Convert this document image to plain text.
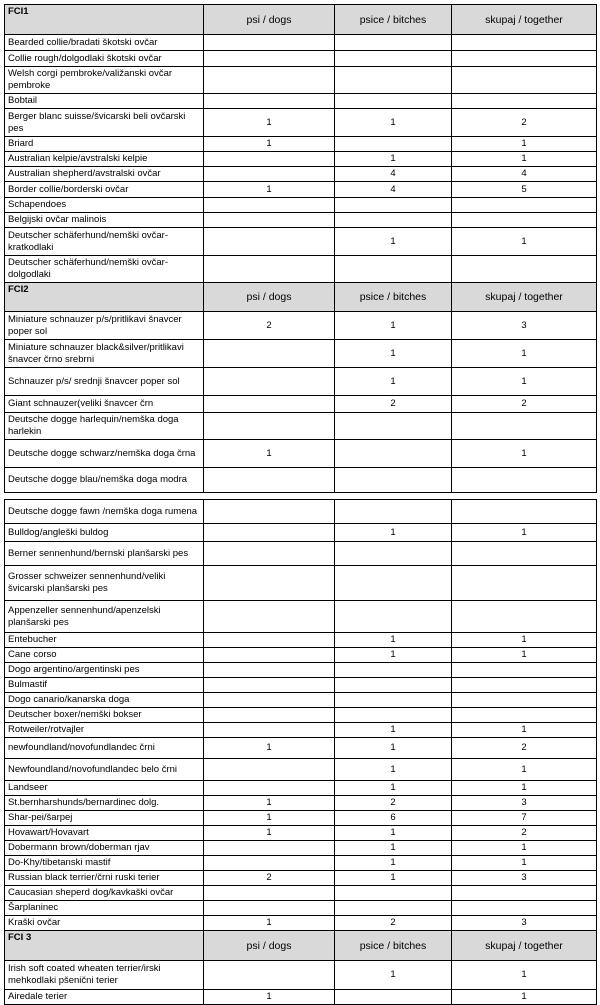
FCI1	psi / dogs	psice / bitches	skupaj / together
Bearded collie/bradati škotski ovčar			
Collie rough/dolgodlaki škotski ovčar			
Welsh corgi pembroke/valižanski ovčar pembroke			
Bobtail			
Berger blanc suisse/švicarski beli ovčarski pes	1	1	2
Briard	1		1
Australian kelpie/avstralski kelpie		1	1
Australian shepherd/avstralski ovčar		4	4
Border collie/borderski ovčar	1	4	5
Schapendoes			
Belgijski ovčar malinois			
Deutscher schäferhund/nemški ovčar-kratkodlaki		1	1
Deutscher schäferhund/nemški ovčar-dolgodlaki			
FCI2	psi / dogs	psice / bitches	skupaj / together
Miniature schnauzer p/s/pritlikavi šnavcer poper sol	2	1	3
Miniature schnauzer black&silver/pritlikavi šnavcer črno srebrni		1	1
Schnauzer p/s/ srednji šnavcer poper sol		1	1
Giant schnauzer(veliki šnavcer črn		2	2
Deutsche dogge harlequin/nemška doga harlekin			
Deutsche dogge schwarz/nemška doga črna	1		1
Deutsche dogge blau/nemška doga modra			
Deutsche dogge fawn /nemška doga rumena			
Bulldog/angleški buldog		1	1
Berner sennenhund/bernski planšarski pes			
Grosser schweizer sennenhund/veliki švicarski planšarski pes			
Appenzeller sennenhund/apenzelski planšarski pes			
Entebucher		1	1
Cane corso		1	1
Dogo argentino/argentinski pes			
Bulmastif			
Dogo canario/kanarska doga			
Deutscher boxer/nemški bokser			
Rotweiler/rotvajler		1	1
newfoundland/novofundlandec črni	1	1	2
Newfoundland/novofundlandec belo črni		1	1
Landseer		1	1
St.bernharshunds/bernardinec dolg.	1	2	3
Shar-pei/šarpej	1	6	7
Hovawart/Hovavart	1	1	2
Dobermann brown/doberman rjav		1	1
Do-Khy/tibetanski mastif		1	1
Russian black terrier/črni ruski terier	2	1	3
Caucasian sheperd dog/kavkaški ovčar			
Šarplaninec			
Kraški ovčar	1	2	3
FCI 3	psi / dogs	psice / bitches	skupaj / together
Irish soft coated wheaten terrier/irski mehkodlaki pšenični terier		1	1
Airedale terier	1		1
